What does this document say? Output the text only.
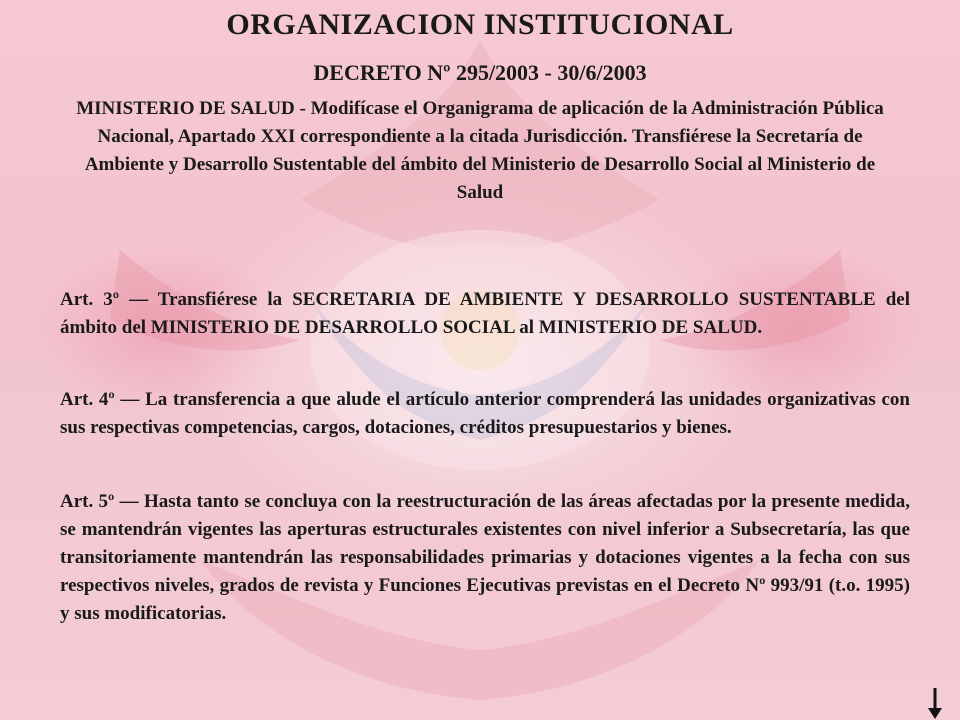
ORGANIZACION INSTITUCIONAL
DECRETO Nº 295/2003 - 30/6/2003
MINISTERIO DE SALUD - Modifícase el Organigrama de aplicación de la Administración Pública Nacional, Apartado XXI correspondiente a la citada Jurisdicción. Transfiérese la Secretaría de Ambiente y Desarrollo Sustentable del ámbito del Ministerio de Desarrollo Social al Ministerio de Salud
Art. 3º — Transfiérese la SECRETARIA DE AMBIENTE Y DESARROLLO SUSTENTABLE del ámbito del MINISTERIO DE DESARROLLO SOCIAL al MINISTERIO DE SALUD.
Art. 4º — La transferencia a que alude el artículo anterior comprenderá las unidades organizativas con sus respectivas competencias, cargos, dotaciones, créditos presupuestarios y bienes.
Art. 5º — Hasta tanto se concluya con la reestructuración de las áreas afectadas por la presente medida, se mantendrán vigentes las aperturas estructurales existentes con nivel inferior a Subsecretaría, las que transitoriamente mantendrán las responsabilidades primarias y dotaciones vigentes a la fecha con sus respectivos niveles, grados de revista y Funciones Ejecutivas previstas en el Decreto Nº 993/91 (t.o. 1995) y sus modificatorias.
